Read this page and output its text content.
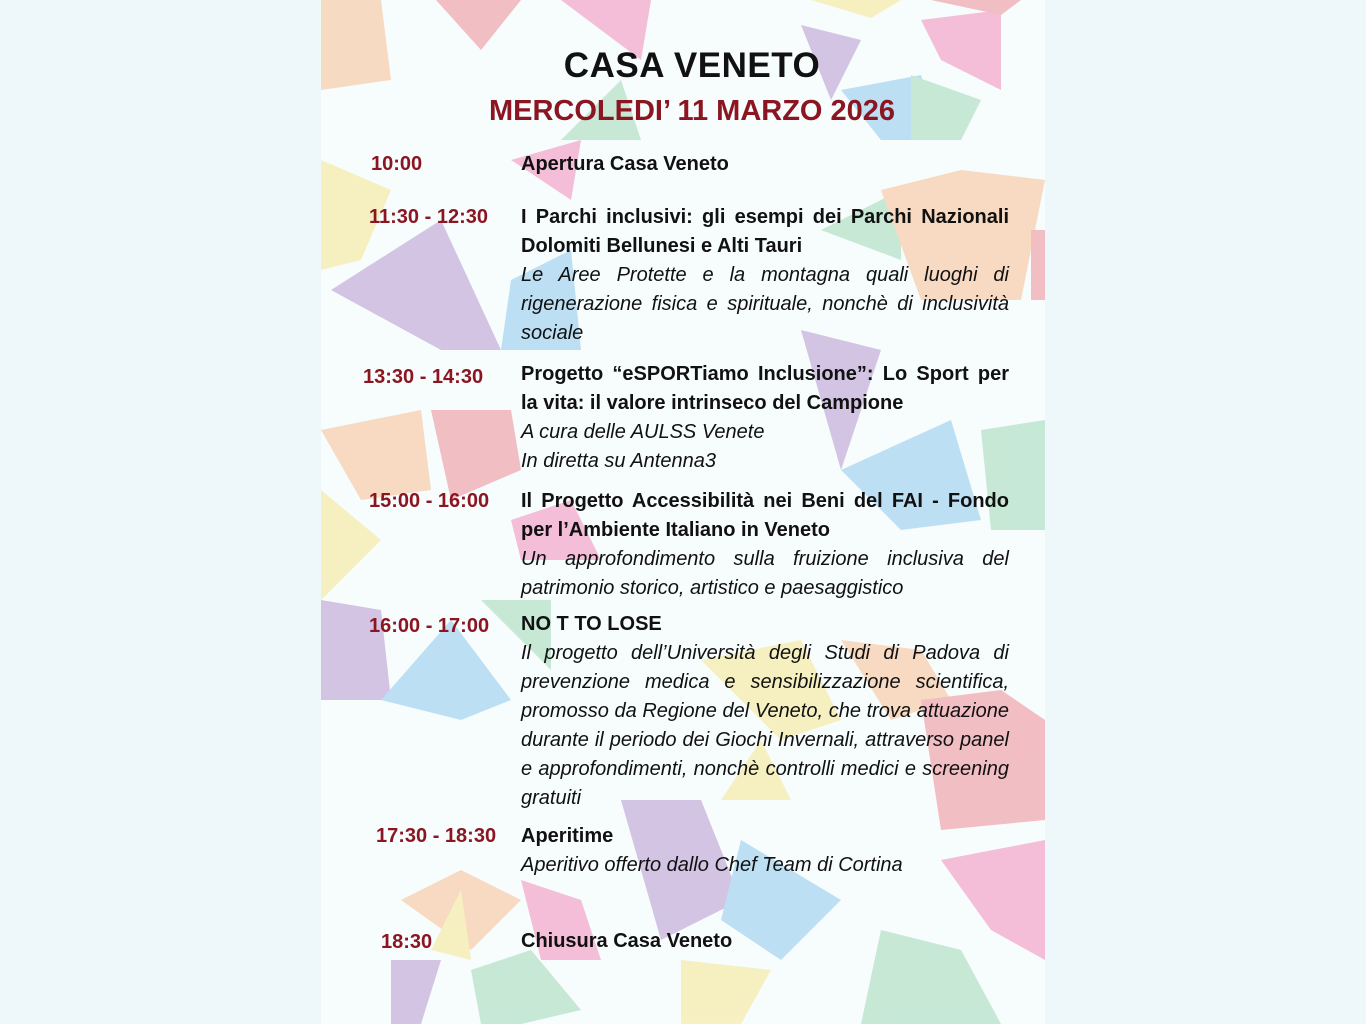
CASA VENETO
MERCOLEDI’ 11 MARZO 2026
10:00	Apertura Casa Veneto
11:30 - 12:30 I Parchi inclusivi: gli esempi dei Parchi Nazionali Dolomiti Bellunesi e Alti Tauri
Le Aree Protette e la montagna quali luoghi di rigenerazione fisica e spirituale, nonchè di inclusività sociale
13:30 - 14:30 Progetto “eSPORTiamo Inclusione”: Lo Sport per la vita: il valore intrinseco del Campione
A cura delle AULSS Venete
In diretta su Antenna3
15:00 - 16:00 Il Progetto Accessibilità nei Beni del FAI - Fondo per l’Ambiente Italiano in Veneto
Un approfondimento sulla fruizione inclusiva del patrimonio storico, artistico e paesaggistico
16:00 - 17:00 NO T TO LOSE
Il progetto dell’Università degli Studi di Padova di prevenzione medica e sensibilizzazione scientifica, promosso da Regione del Veneto, che trova attuazione durante il periodo dei Giochi Invernali, attraverso panel e approfondimenti, nonchè controlli medici e screening gratuiti
17:30 - 18:30 Aperitime
Aperitivo offerto dallo Chef Team di Cortina
18:30	Chiusura Casa Veneto
